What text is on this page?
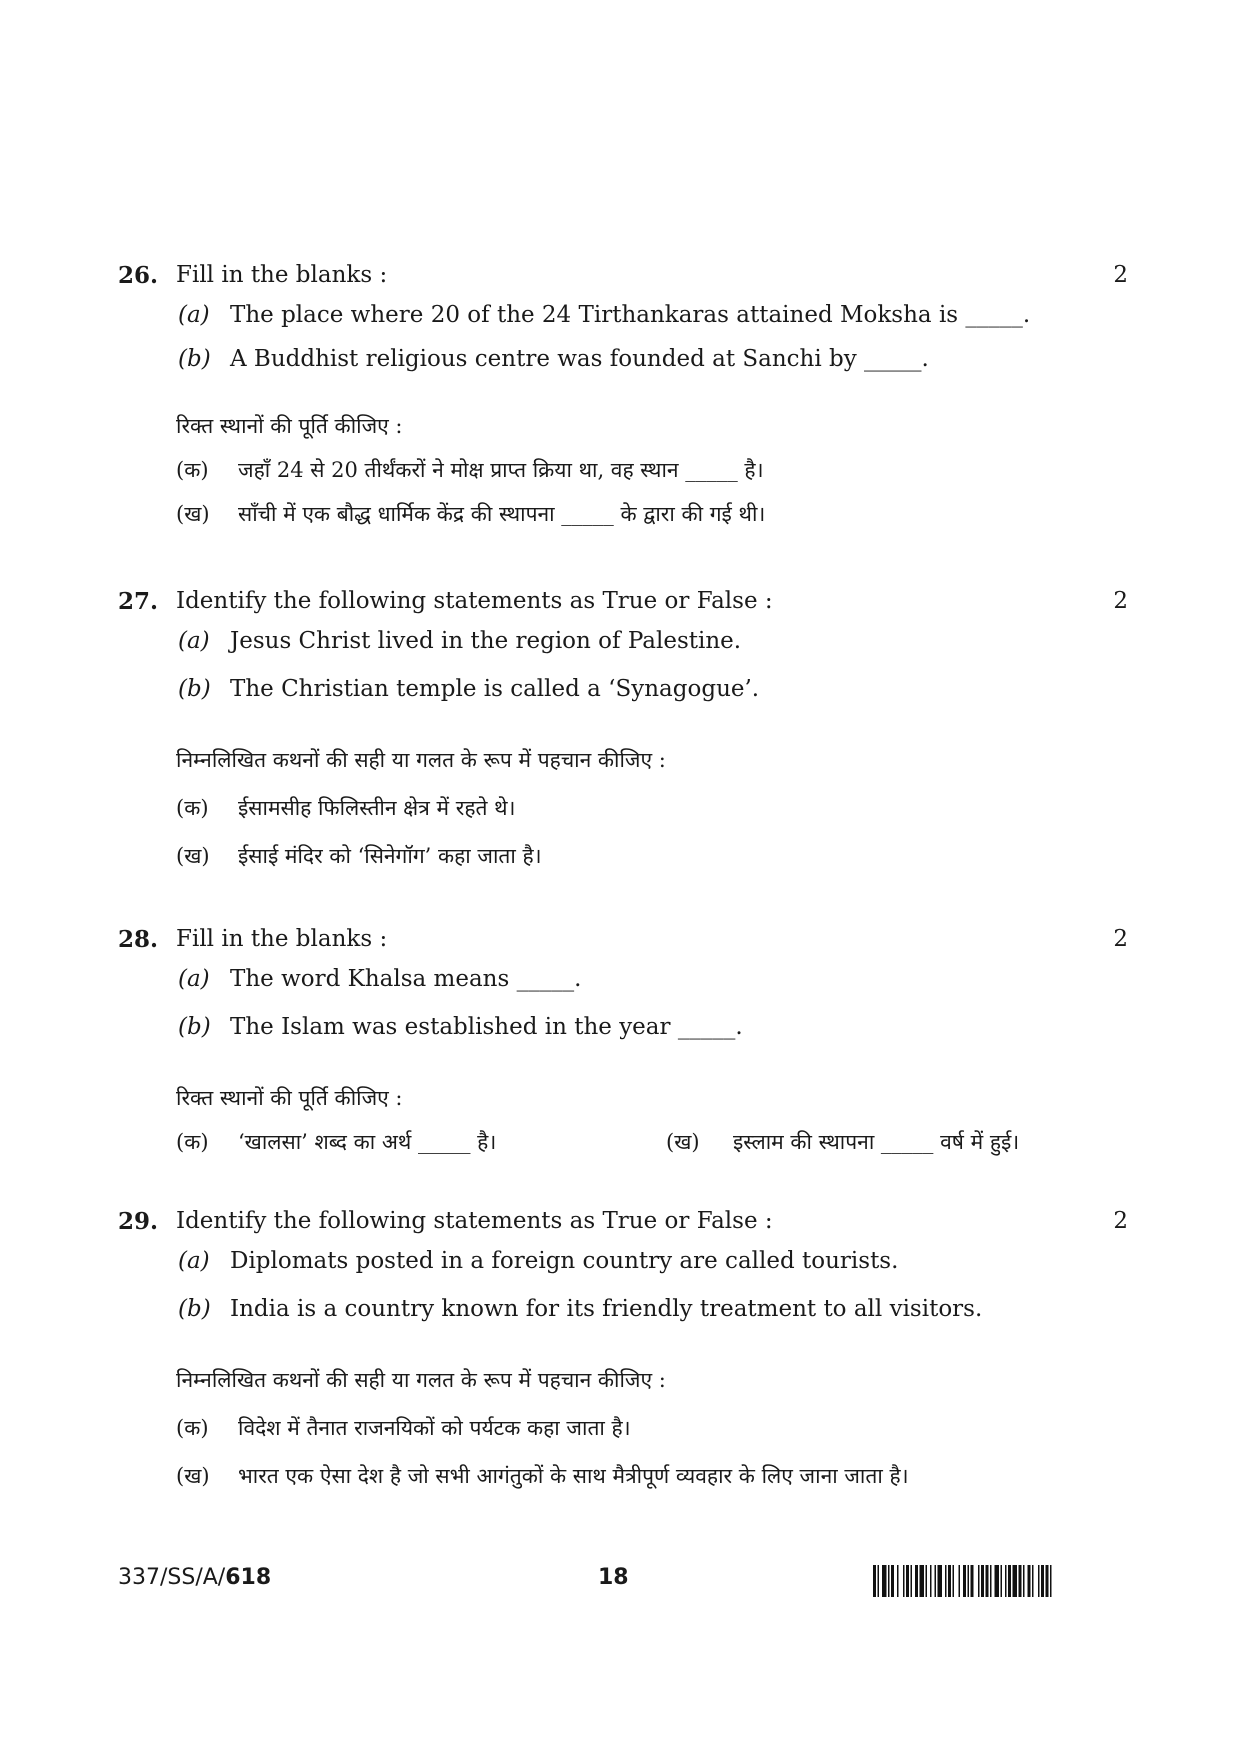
26. Fill in the blanks :	2
(a) The place where 20 of the 24 Tirthankaras attained Moksha is _____.
(b) A Buddhist religious centre was founded at Sanchi by _____.
रिक्त स्थानों की पूर्ति कीजिए :
(क) जहाँ 24 से 20 तीर्थंकरों ने मोक्ष प्राप्त क्रिया था, वह स्थान _____ है।
(ख) साँची में एक बौद्ध धार्मिक केंद्र की स्थापना _____ के द्वारा की गई थी।
27. Identify the following statements as True or False :	2
(a) Jesus Christ lived in the region of Palestine.
(b) The Christian temple is called a ‘Synagogue’.
निम्नलिखित कथनों की सही या गलत के रूप में पहचान कीजिए :
(क) ईसामसीह फिलिस्तीन क्षेत्र में रहते थे।
(ख) ईसाई मंदिर को ‘सिनेगॉग’ कहा जाता है।
28. Fill in the blanks :	2
(a) The word Khalsa means _____.
(b) The Islam was established in the year _____.
रिक्त स्थानों की पूर्ति कीजिए :
(क) ‘खालसा’ शब्द का अर्थ _____ है।	(ख) इस्लाम की स्थापना _____ वर्ष में हुई।
29. Identify the following statements as True or False :	2
(a) Diplomats posted in a foreign country are called tourists.
(b) India is a country known for its friendly treatment to all visitors.
निम्नलिखित कथनों की सही या गलत के रूप में पहचान कीजिए :
(क) विदेश में तैनात राजनयिकों को पर्यटक कहा जाता है।
(ख) भारत एक ऐसा देश है जो सभी आगंतुकों के साथ मैत्रीपूर्ण व्यवहार के लिए जाना जाता है।
337/SS/A/618	18
